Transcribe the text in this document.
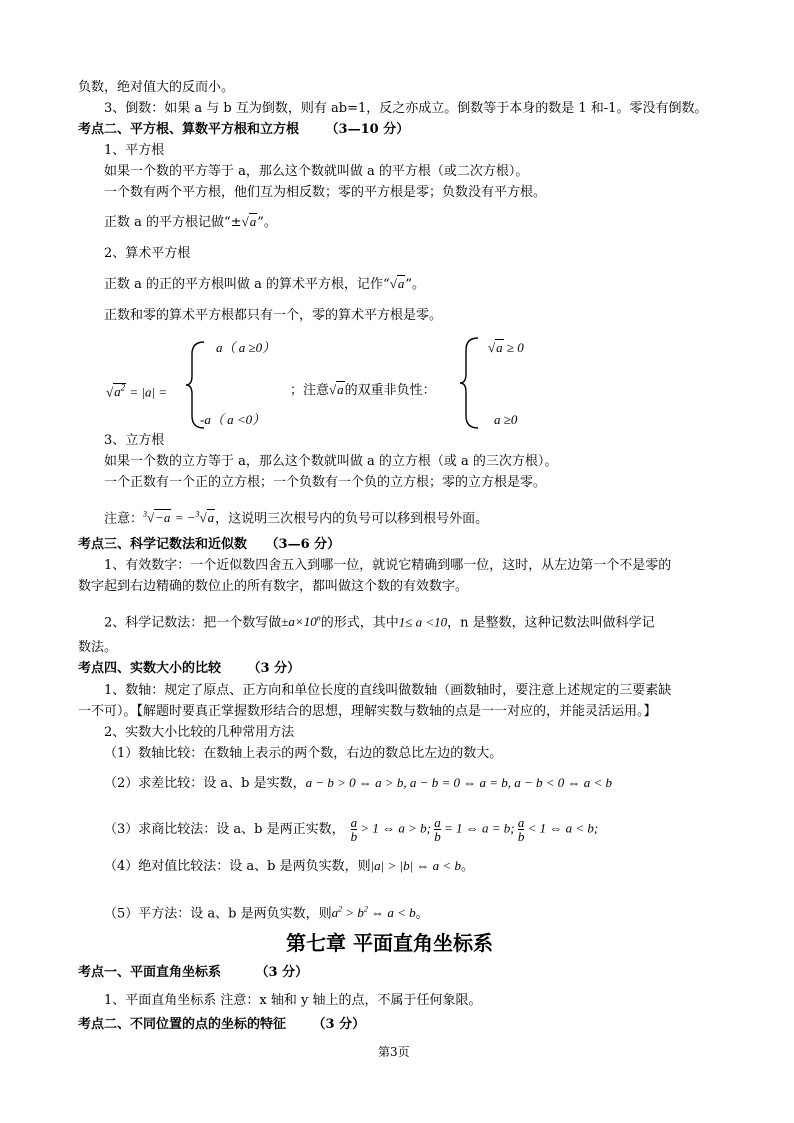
负数，绝对值大的反而小。
3、倒数：如果 a 与 b 互为倒数，则有 ab=1，反之亦成立。倒数等于本身的数是 1 和-1。零没有倒数。
考点二、平方根、算数平方根和立方根 （3—10 分）
1、平方根
如果一个数的平方等于 a，那么这个数就叫做 a 的平方根（或二次方根）。
一个数有两个平方根，他们互为相反数；零的平方根是零；负数没有平方根。
正数 a 的平方根记做“±√a”。
2、算术平方根
正数 a 的正的平方根叫做 a 的算术平方根，记作“√a”。
正数和零的算术平方根都只有一个，零的算术平方根是零。
$√a^2 = |a|$ =
a（ a ≥0）
-a（ a <0）
；注意√a的双重非负性：
√a ≥ 0
a ≥0
3、立方根
如果一个数的立方等于 a，那么这个数就叫做 a 的立方根（或 a 的三次方根）。
一个正数有一个正的立方根；一个负数有一个负的立方根；零的立方根是零。
注意：$^3$√−a = −$^3$√a，这说明三次根号内的负号可以移到根号外面。
考点三、科学记数法和近似数 （3—6 分）
1、有效数字：一个近似数四舍五入到哪一位，就说它精确到哪一位，这时，从左边第一个不是零的
数字起到右边精确的数位止的所有数字，都叫做这个数的有效数字。
2、科学记数法：把一个数写做$\pm a\times 10^n$的形式，其中1≤ a <10，n 是整数，这种记数法叫做科学记
数法。
考点四、实数大小的比较 （3 分）
1、数轴：规定了原点、正方向和单位长度的直线叫做数轴（画数轴时，要注意上述规定的三要素缺
一不可）。【解题时要真正掌握数形结合的思想，理解实数与数轴的点是一一对应的，并能灵活运用。】
2、实数大小比较的几种常用方法
（1）数轴比较：在数轴上表示的两个数，右边的数总比左边的数大。
（2）求差比较：设 a、b 是实数，a − b > 0 ⇔ a > b, a − b = 0 ⇔ a = b, a − b < 0 ⇔ a < b
（3）求商比较法：设 a、b 是两正实数， $\frac{a}{b} > 1$ ⇔ a > b; $\frac{a}{b} = 1$ ⇔ a = b; $\frac{a}{b} < 1$ ⇔ a < b;
（4）绝对值比较法：设 a、b 是两负实数，则|a| > |b| ⇔ a < b。
（5）平方法：设 a、b 是两负实数，则$a^2 > b^2$ ⇔ a < b。
第七章 平面直角坐标系
考点一、平面直角坐标系	（3 分）
1、平面直角坐标系 注意：x 轴和 y 轴上的点，不属于任何象限。
考点二、不同位置的点的坐标的特征 （3 分）
第3页
